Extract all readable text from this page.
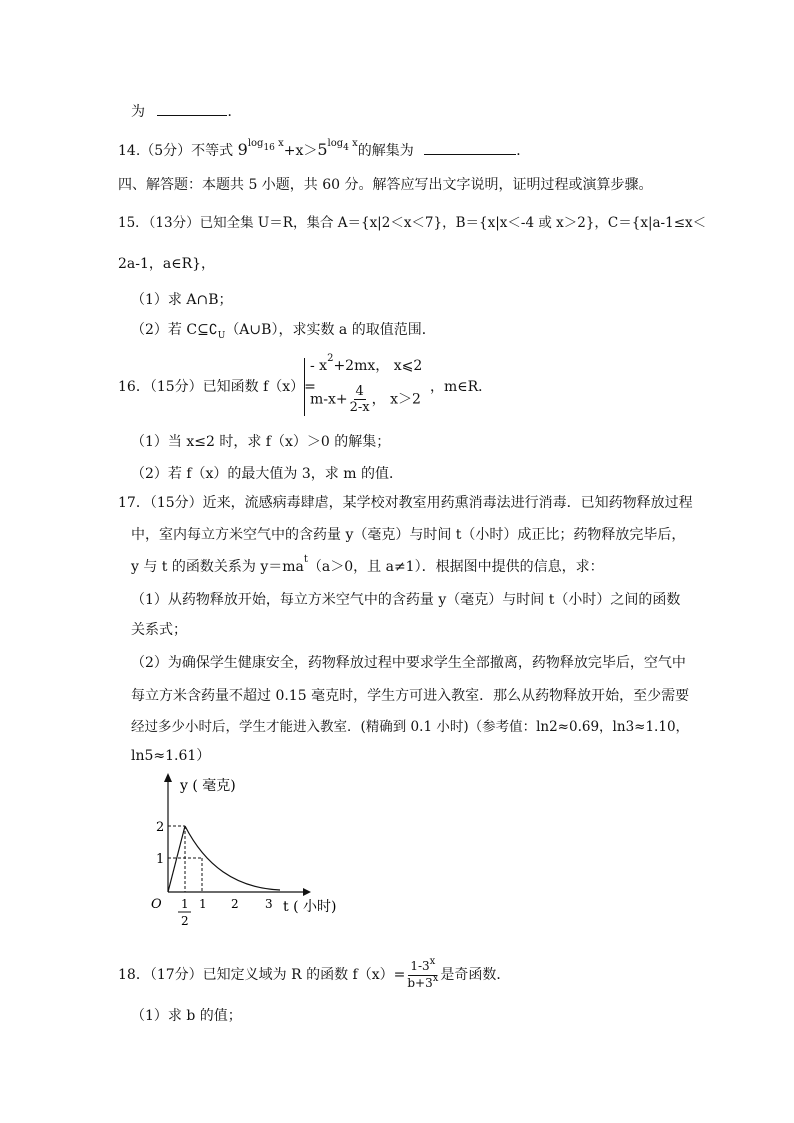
为	．
14.（5分）不等式 $9^{log16 x}+x>5^{log4 x}$的解集为	．
四、解答题：本题共 5 小题，共 60 分。解答应写出文字说明，证明过程或演算步骤。
15．（13分）已知全集 U＝R，集合 A＝{x|2＜x＜7}，B＝{x|x＜-4 或 x＞2}，C＝{x|a-1≤x＜
2a-1，a∈R}，
（1）求 A∩B；
（2）若 $C⊆∁_U(A\cup B)$，求实数 a 的取值范围．
16．（15分）已知函数 f（x）=
- $x^2+2mx$， x⩽2
$m-x+ \frac{4}{2-x}$ ， x＞2
，m∈R．
（1）当 x≤2 时，求 f（x）＞0 的解集；
（2）若 f（x）的最大值为 3，求 m 的值．
17．（15分）近来，流感病毒肆虐，某学校对教室用药熏消毒法进行消毒．已知药物释放过程
中，室内每立方米空气中的含药量 y（毫克）与时间 t（小时）成正比；药物释放完毕后，
y 与 t 的函数关系为 $y=ma^t(a>0$，且 a≠1）．根据图中提供的信息，求：
（1）从药物释放开始，每立方米空气中的含药量 y（毫克）与时间 t（小时）之间的函数
关系式；
（2）为确保学生健康安全，药物释放过程中要求学生全部撤离，药物释放完毕后，空气中
每立方米含药量不超过 0.15 毫克时，学生方可进入教室．那么从药物释放开始，至少需要
经过多少小时后，学生才能进入教室．(精确到 0.1 小时)（参考值：ln2≈0.69，ln3≈1.10，
ln5≈1.61）
y ( 毫克)
2
1
O 1
2
1 2 3 t ( 小时)
18．（17分）已知定义域为 R 的函数 $f(x)= \frac{1-3^x}{b+3^x}$ 是奇函数．
（1）求 b 的值；
